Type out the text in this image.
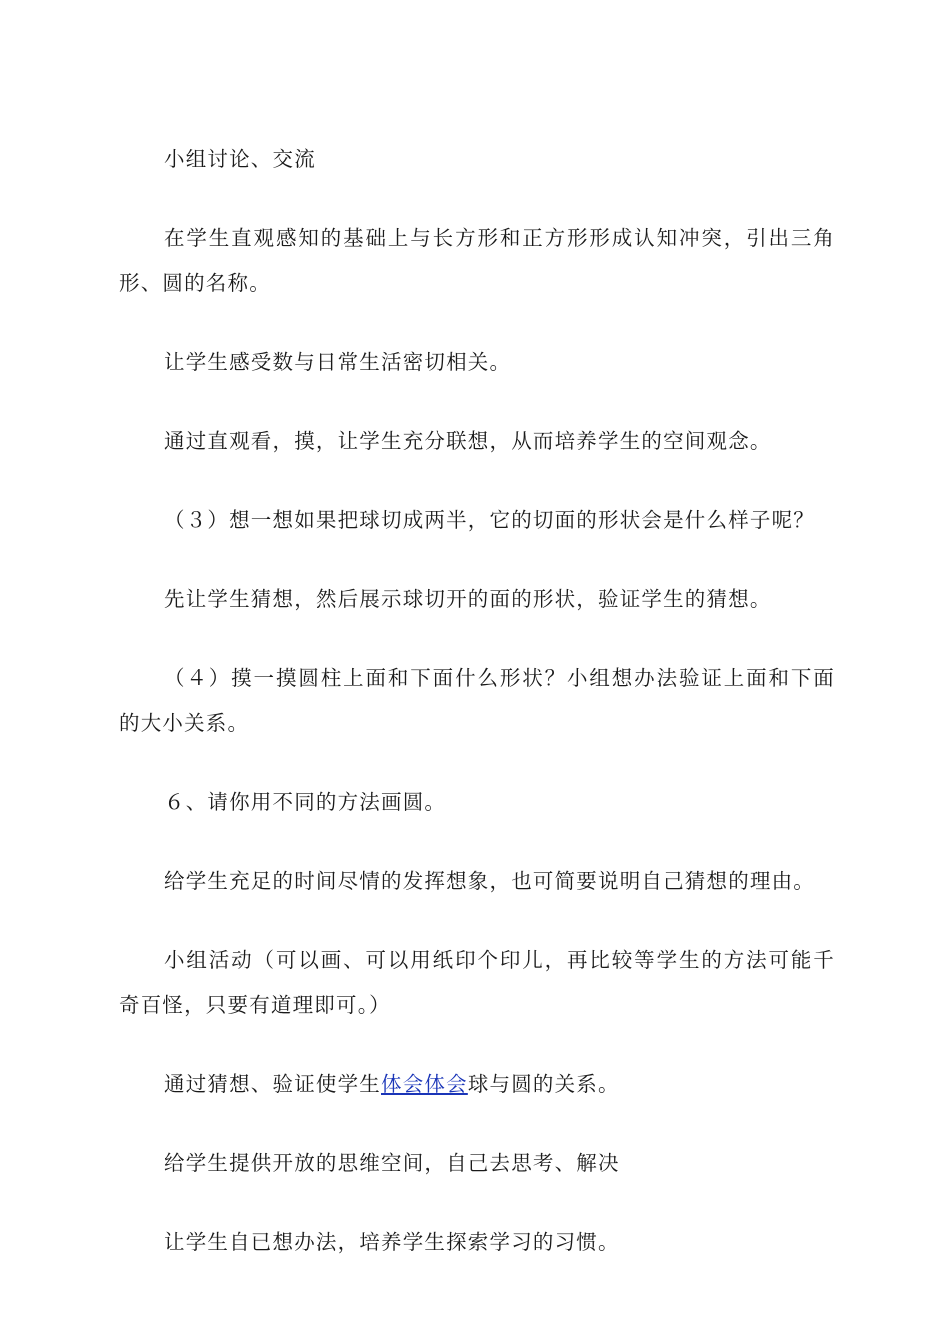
小组讨论、交流

在学生直观感知的基础上与长方形和正方形形成认知冲突，引出三角形、圆的名称。

让学生感受数与日常生活密切相关。

通过直观看，摸，让学生充分联想，从而培养学生的空间观念。

（３）想一想如果把球切成两半，它的切面的形状会是什么样子呢？

先让学生猜想，然后展示球切开的面的形状，验证学生的猜想。

（４）摸一摸圆柱上面和下面什么形状？小组想办法验证上面和下面的大小关系。

６、请你用不同的方法画圆。

给学生充足的时间尽情的发挥想象，也可简要说明自己猜想的理由。

小组活动（可以画、可以用纸印个印儿，再比较等学生的方法可能千奇百怪，只要有道理即可。）

通过猜想、验证使学生体会体会球与圆的关系。

给学生提供开放的思维空间，自己去思考、解决

让学生自已想办法，培养学生探索学习的习惯。
